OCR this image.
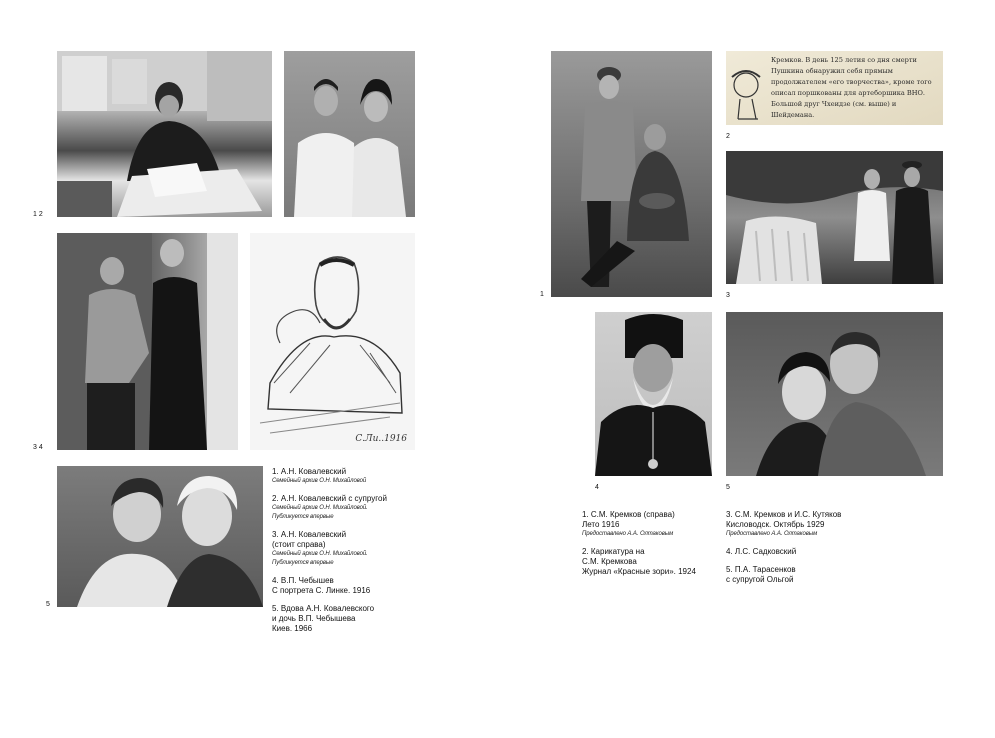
1 2
С.Ли..1916
3 4
5
1. А.Н. Ковалевский
Семейный архив О.Н. Михайловой
2. А.Н. Ковалевский с супругой
Семейный архив О.Н. Михайловой.
Публикуется впервые
3. А.Н. Ковалевский
(стоит справа)
Семейный архив О.Н. Михайловой.
Публикуется впервые
4. В.П. Чебышев
С портрета С. Линке. 1916
5. Вдова А.Н. Ковалевского
и дочь В.П. Чебышева
Киев. 1966
1
Кремков. В день 125 летия со дня смерти Пушкина обнаружил себя прямым продолжателем «его творчества», кроме того описал поршкованы для артеборшика ВНО. Большой друг Чхеидзе (см. выше) и Шейдемана.
2
3
4	5
1. С.М. Кремков (справа)
Лето 1916
Предоставлено А.А. Олтаковым
2. Карикатура на
С.М. Кремкова
Журнал «Красные зори». 1924
3. С.М. Кремков и И.С. Кутяков
Кисловодск. Октябрь 1929
Предоставлено А.А. Олтаковым
4. Л.С. Садковский
5. П.А. Тарасенков
с супругой Ольгой
